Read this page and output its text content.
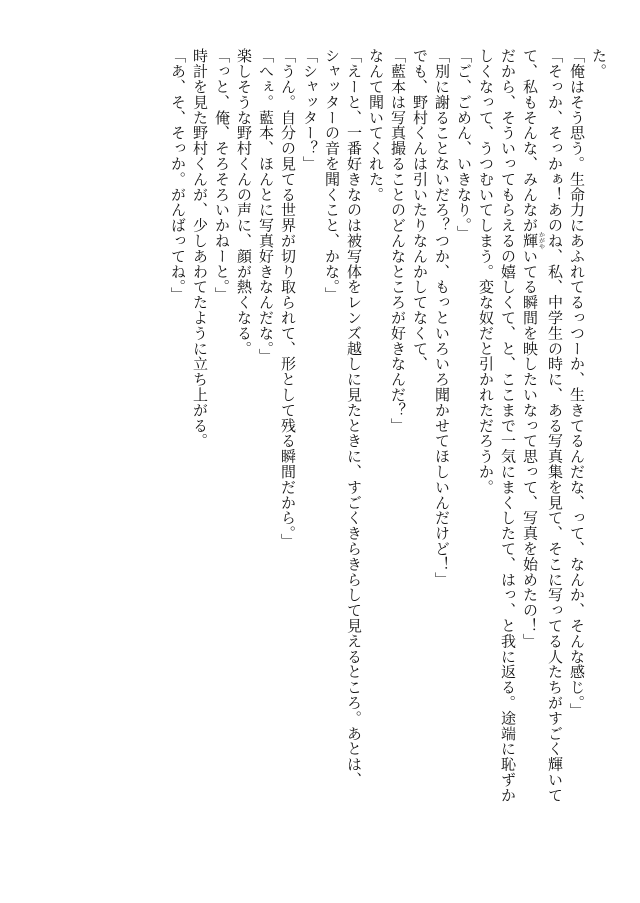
た。

「俺はそう思う。生命力にあふれてるっつーか、生きてるんだな、って、なんか、そんな感じ。」

「そっか、そっかぁ！あのね、私、中学生の時に、ある写真集を見て、そこに写ってる人たちがすごく輝いて

て、私もそんな、みんなが輝かがやいてる瞬間を映したいなって思って、写真を始めたの！」

だから、そういってもらえるの嬉しくて、と、ここまで一気にまくしたて、はっ、と我に返る。途端に恥ずか

しくなって、うつむいてしまう。変な奴だと引かれただろうか。

「ご、ごめん、いきなり。」

「別に謝ることないだろ？つか、もっといろいろ聞かせてほしいんだけど！」

でも、野村くんは引いたりなんかしてなくて、

「藍本は写真撮ることのどんなところが好きなんだ？」

なんて聞いてくれた。

「えーと、一番好きなのは被写体をレンズ越しに見たときに、すごくきらきらして見えるところ。あとは、

シャッターの音を聞くこと、かな。」

「シャッター？」

「うん。自分の見てる世界が切り取られて、形として残る瞬間だから。」

「へぇ。藍本、ほんとに写真好きなんだな。」

楽しそうな野村くんの声に、顔が熱くなる。

「っと、俺、そろそろいかねーと。」

時計を見た野村くんが、少しあわてたように立ち上がる。

「あ、そ、そっか。がんばってね。」
